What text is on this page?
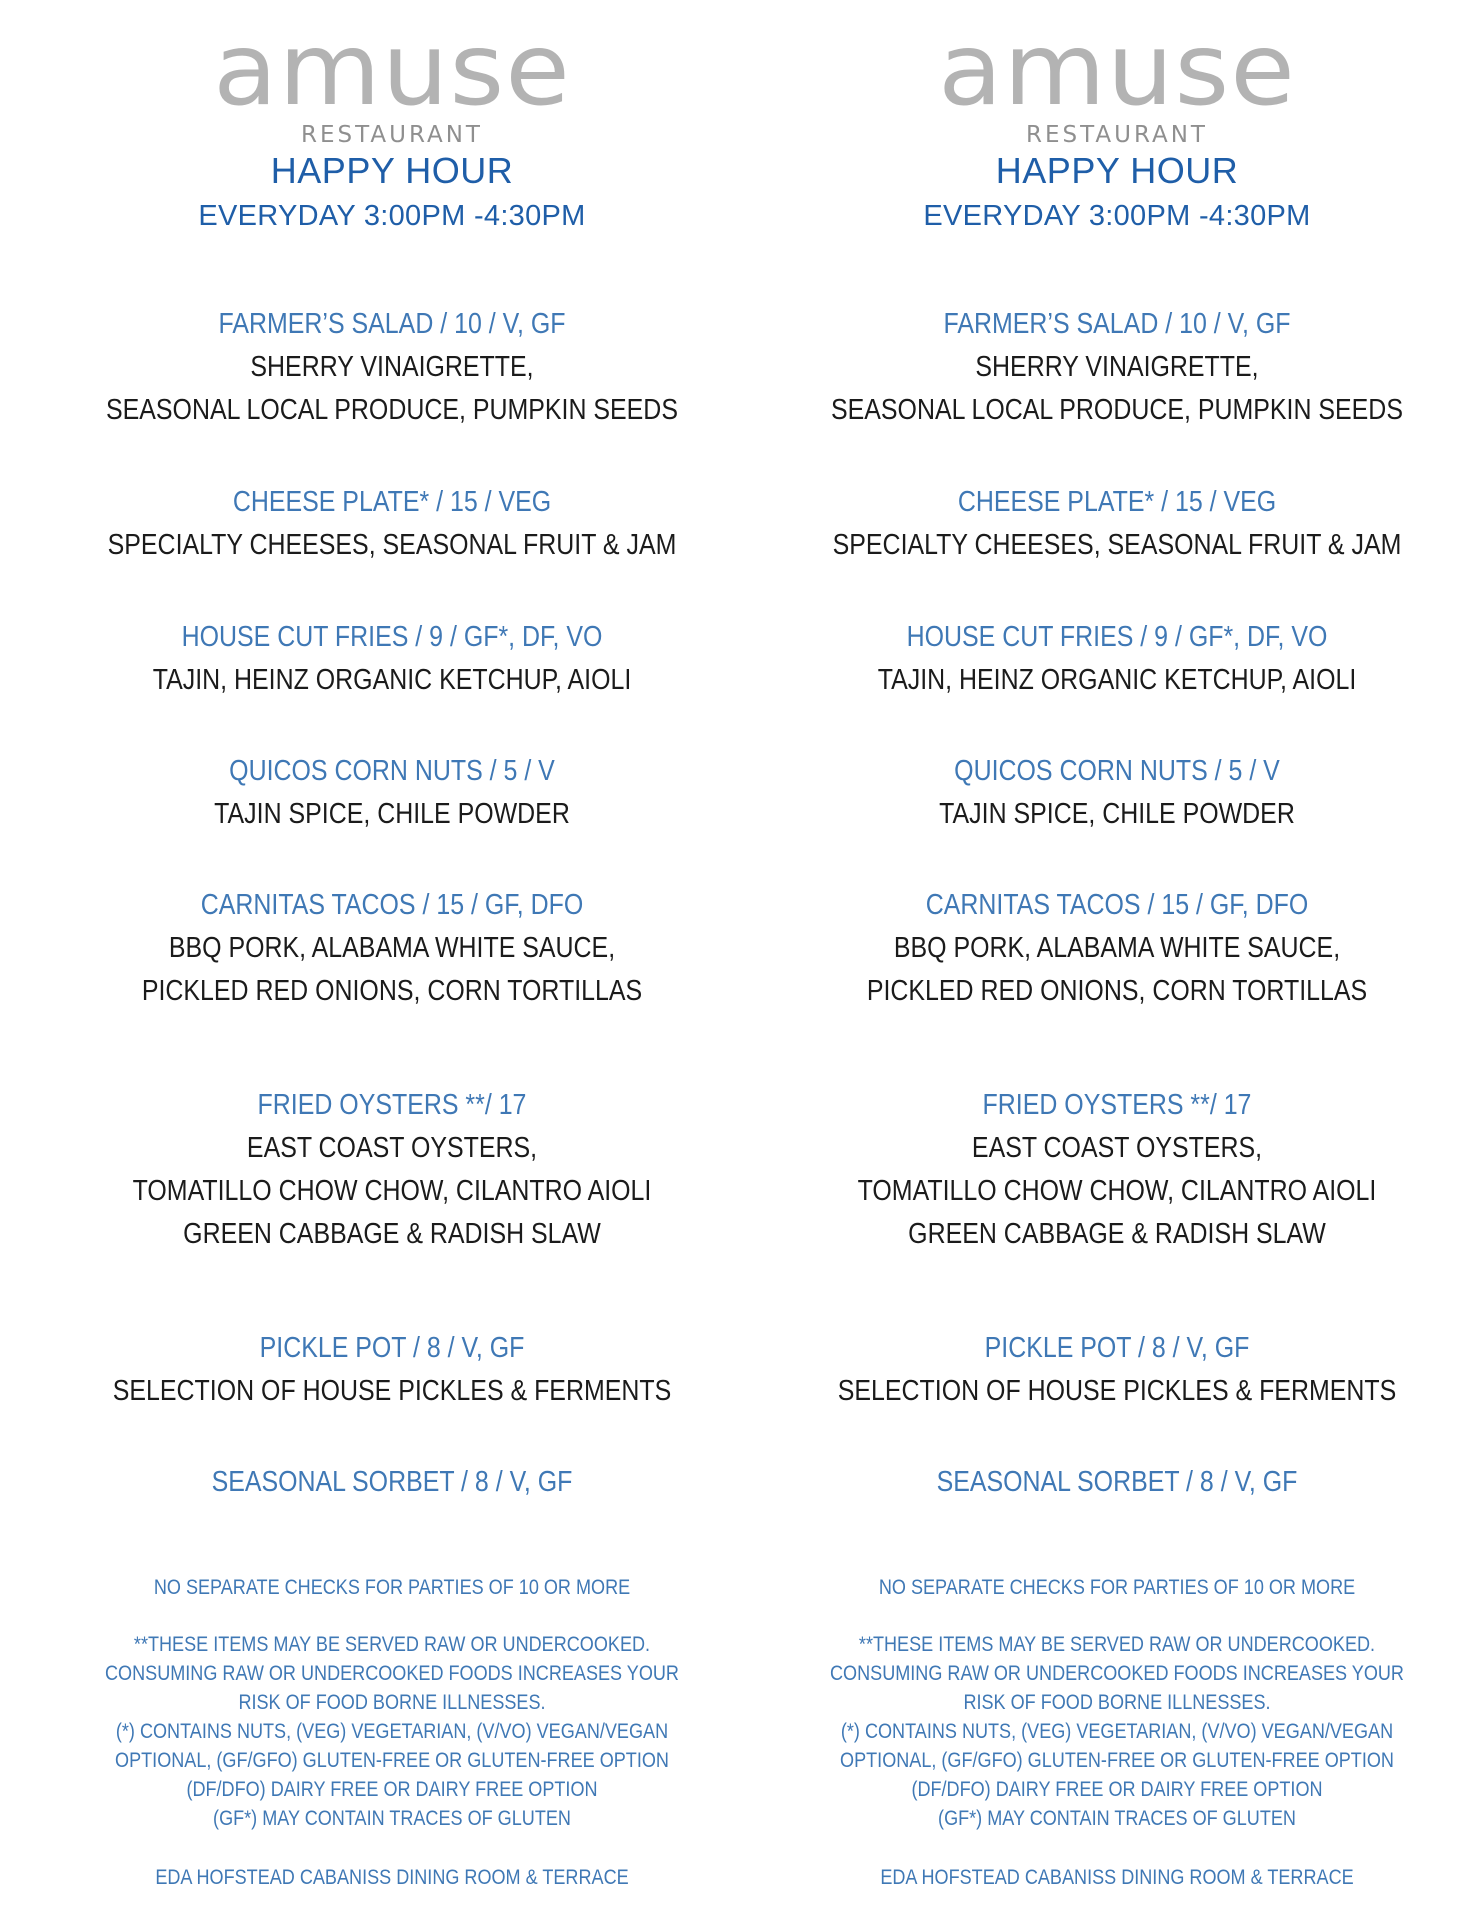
amuse
RESTAURANT
HAPPY HOUR
EVERYDAY 3:00PM -4:30PM
FARMER’S SALAD / 10 / V, GF
SHERRY VINAIGRETTE,
SEASONAL LOCAL PRODUCE, PUMPKIN SEEDS
CHEESE PLATE* / 15 / VEG
SPECIALTY CHEESES, SEASONAL FRUIT & JAM
HOUSE CUT FRIES / 9 / GF*, DF, VO
TAJIN, HEINZ ORGANIC KETCHUP, AIOLI
QUICOS CORN NUTS / 5 / V
TAJIN SPICE, CHILE POWDER
CARNITAS TACOS / 15 / GF, DFO
BBQ PORK, ALABAMA WHITE SAUCE,
PICKLED RED ONIONS, CORN TORTILLAS
FRIED OYSTERS **/ 17
EAST COAST OYSTERS,
TOMATILLO CHOW CHOW, CILANTRO AIOLI
GREEN CABBAGE & RADISH SLAW
PICKLE POT / 8 / V, GF
SELECTION OF HOUSE PICKLES & FERMENTS
SEASONAL SORBET / 8 / V, GF
NO SEPARATE CHECKS FOR PARTIES OF 10 OR MORE
**THESE ITEMS MAY BE SERVED RAW OR UNDERCOOKED.
CONSUMING RAW OR UNDERCOOKED FOODS INCREASES YOUR
RISK OF FOOD BORNE ILLNESSES.
(*) CONTAINS NUTS, (VEG) VEGETARIAN, (V/VO) VEGAN/VEGAN
OPTIONAL, (GF/GFO) GLUTEN-FREE OR GLUTEN-FREE OPTION
(DF/DFO) DAIRY FREE OR DAIRY FREE OPTION
(GF*) MAY CONTAIN TRACES OF GLUTEN
EDA HOFSTEAD CABANISS DINING ROOM & TERRACE
amuse
RESTAURANT
HAPPY HOUR
EVERYDAY 3:00PM -4:30PM
FARMER’S SALAD / 10 / V, GF
SHERRY VINAIGRETTE,
SEASONAL LOCAL PRODUCE, PUMPKIN SEEDS
CHEESE PLATE* / 15 / VEG
SPECIALTY CHEESES, SEASONAL FRUIT & JAM
HOUSE CUT FRIES / 9 / GF*, DF, VO
TAJIN, HEINZ ORGANIC KETCHUP, AIOLI
QUICOS CORN NUTS / 5 / V
TAJIN SPICE, CHILE POWDER
CARNITAS TACOS / 15 / GF, DFO
BBQ PORK, ALABAMA WHITE SAUCE,
PICKLED RED ONIONS, CORN TORTILLAS
FRIED OYSTERS **/ 17
EAST COAST OYSTERS,
TOMATILLO CHOW CHOW, CILANTRO AIOLI
GREEN CABBAGE & RADISH SLAW
PICKLE POT / 8 / V, GF
SELECTION OF HOUSE PICKLES & FERMENTS
SEASONAL SORBET / 8 / V, GF
NO SEPARATE CHECKS FOR PARTIES OF 10 OR MORE
**THESE ITEMS MAY BE SERVED RAW OR UNDERCOOKED.
CONSUMING RAW OR UNDERCOOKED FOODS INCREASES YOUR
RISK OF FOOD BORNE ILLNESSES.
(*) CONTAINS NUTS, (VEG) VEGETARIAN, (V/VO) VEGAN/VEGAN
OPTIONAL, (GF/GFO) GLUTEN-FREE OR GLUTEN-FREE OPTION
(DF/DFO) DAIRY FREE OR DAIRY FREE OPTION
(GF*) MAY CONTAIN TRACES OF GLUTEN
EDA HOFSTEAD CABANISS DINING ROOM & TERRACE
